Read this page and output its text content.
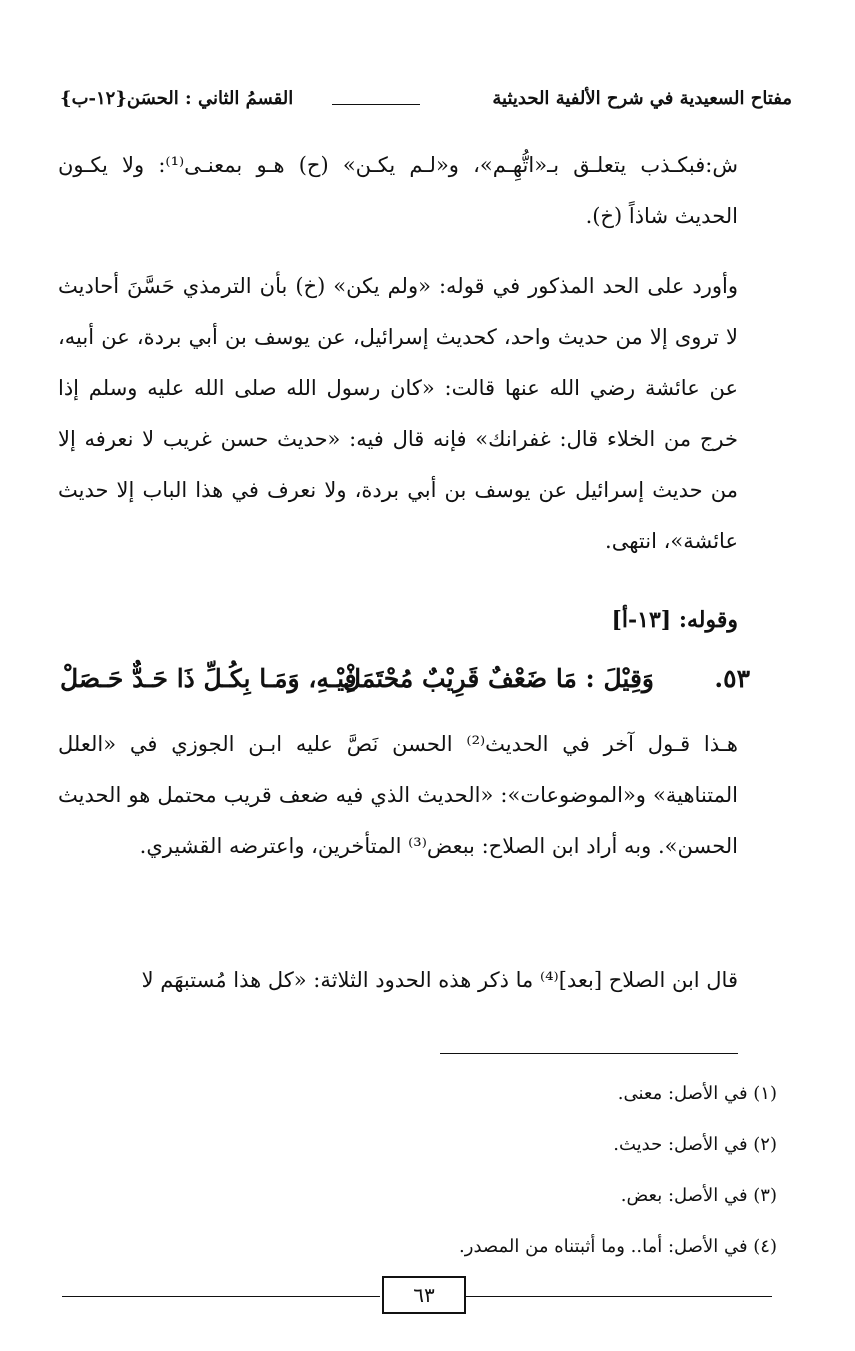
مفتاح السعيدية في شرح الألفية الحديثية
القسمُ الثاني : الحسَن{١٢-ب}
ش:فبكـذب يتعلـق بـ«اتُّهِـم»، و«لـم يكـن» (ح) هـو بمعنـى⁽¹⁾: ولا يكـون الحديث شاذاً (خ).
وأورد على الحد المذكور في قوله: «ولم يكن» (خ) بأن الترمذي حَسَّنَ أحاديث لا تروى إلا من حديث واحد، كحديث إسرائيل، عن يوسف بن أبي بردة، عن أبيه، عن عائشة رضي الله عنها قالت: «كان رسول الله صلى الله عليه وسلم إذا خرج من الخلاء قال: غفرانك» فإنه قال فيه: «حديث حسن غريب لا نعرفه إلا من حديث إسرائيل عن يوسف بن أبي بردة، ولا نعرف في هذا الباب إلا حديث عائشة»، انتهى.
وقوله: [١٣-أ]
٥٣.
وَقِيْلَ : مَا ضَعْفٌ قَرِيْبٌ مُحْتَمَلْ
فِيْـهِ، وَمَـا بِكُـلِّ ذَا حَـدٌّ حَـصَلْ
هـذا قـول آخر في الحديث⁽²⁾ الحسن نَصَّ عليه ابـن الجوزي في «العلل المتناهية» و«الموضوعات»: «الحديث الذي فيه ضعف قريب محتمل هو الحديث الحسن». وبه أراد ابن الصلاح: ببعض⁽³⁾ المتأخرين، واعترضه القشيري.
قال ابن الصلاح [بعد]⁽⁴⁾ ما ذكر هذه الحدود الثلاثة: «كل هذا مُستبهَم لا
(١) في الأصل: معنى.
(٢) في الأصل: حديث.
(٣) في الأصل: بعض.
(٤) في الأصل: أما.. وما أثبتناه من المصدر.
٦٣
